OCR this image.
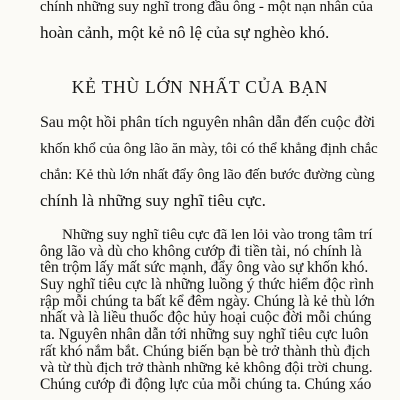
chính những suy nghĩ trong đầu ông - một nạn nhân của
hoàn cảnh, một kẻ nô lệ của sự nghèo khó.
KẺ THÙ LỚN NHẤT CỦA BẠN
Sau một hồi phân tích nguyên nhân dẫn đến cuộc đời
khốn khổ của ông lão ăn mày, tôi có thể khẳng định chắc
chắn: Kẻ thù lớn nhất đẩy ông lão đến bước đường cùng
chính là những suy nghĩ tiêu cực.
Những suy nghĩ tiêu cực đã len lỏi vào trong tâm trí
ông lão và dù cho không cướp đi tiền tài, nó chính là
tên trộm lấy mất sức mạnh, đẩy ông vào sự khốn khó.
Suy nghĩ tiêu cực là những luồng ý thức hiểm độc rình
rập mỗi chúng ta bất kể đêm ngày. Chúng là kẻ thù lớn
nhất và là liều thuốc độc hủy hoại cuộc đời mỗi chúng
ta. Nguyên nhân dẫn tới những suy nghĩ tiêu cực luôn
rất khó nắm bắt. Chúng biến bạn bè trở thành thù địch
và từ thù địch trở thành những kẻ không đội trời chung.
Chúng cướp đi động lực của mỗi chúng ta. Chúng xáo
